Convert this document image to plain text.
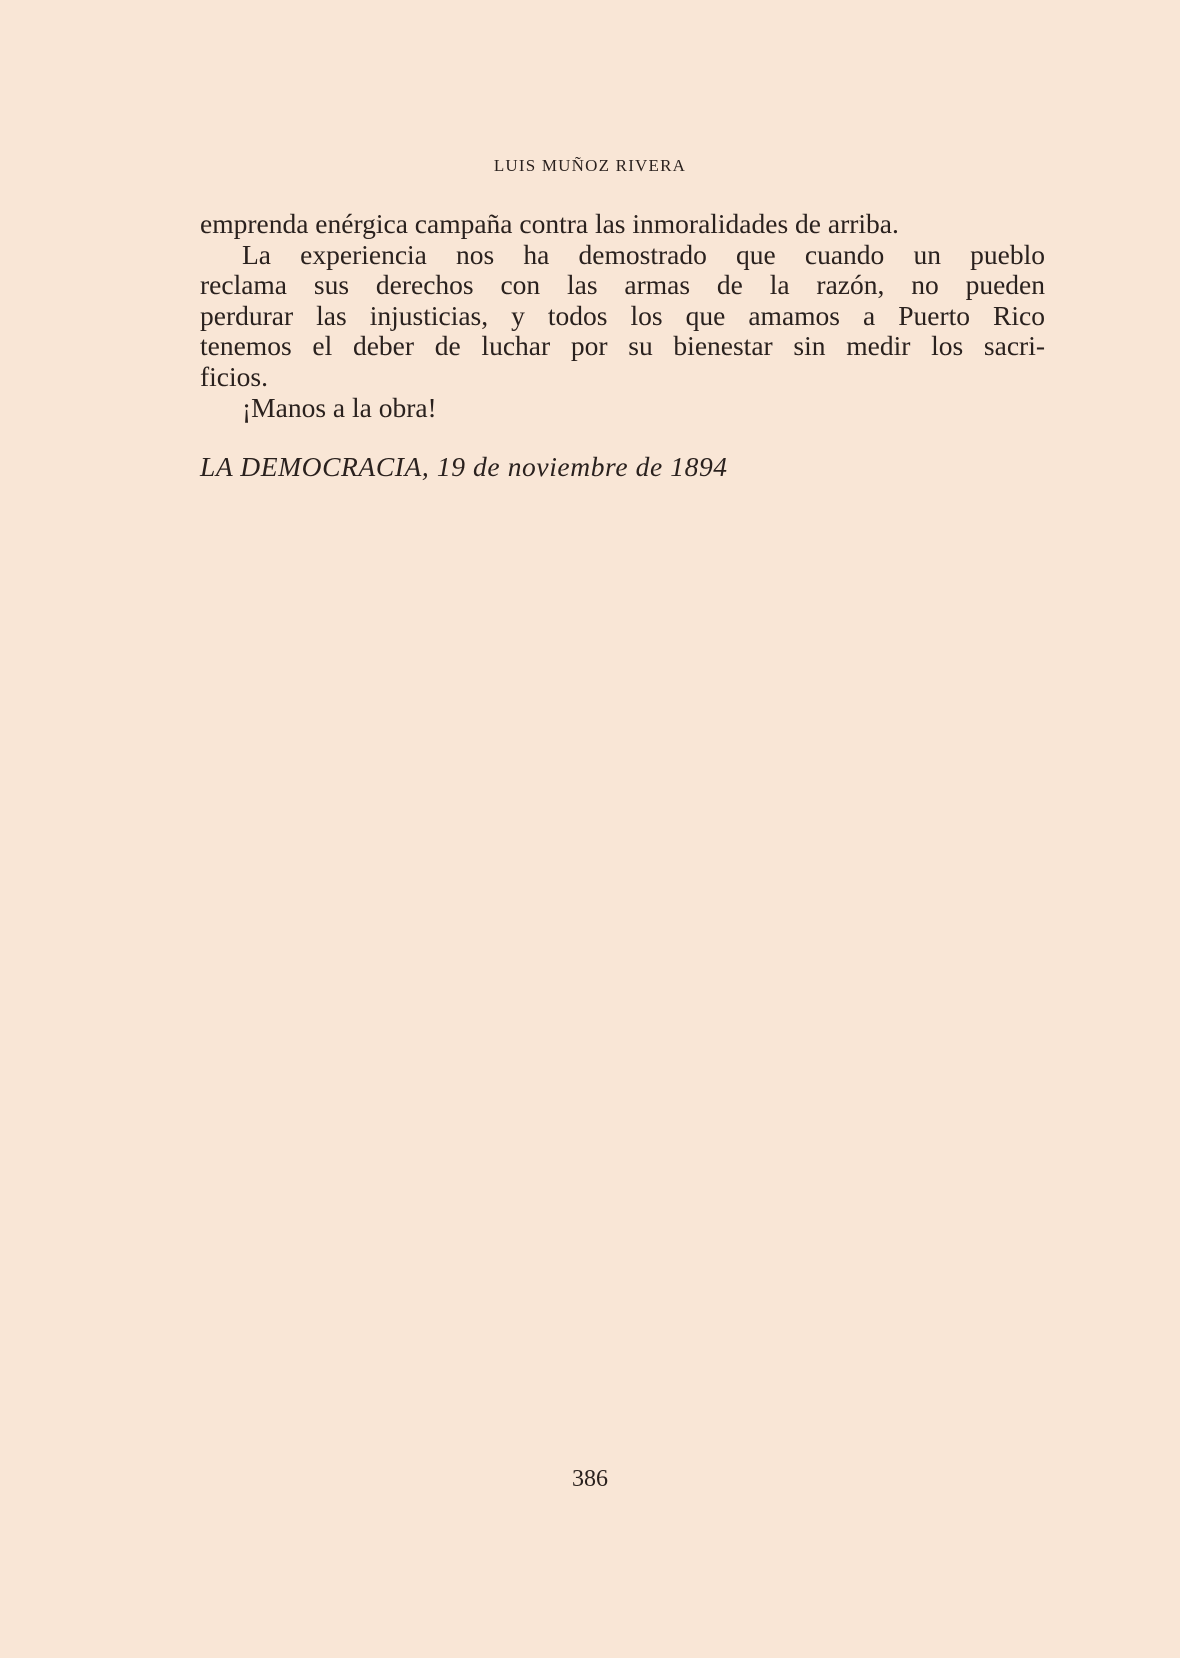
LUIS MUÑOZ RIVERA
emprenda enérgica campaña contra las inmoralidades de arriba.
La experiencia nos ha demostrado que cuando un pueblo
reclama sus derechos con las armas de la razón, no pueden
perdurar las injusticias, y todos los que amamos a Puerto Rico
tenemos el deber de luchar por su bienestar sin medir los sacri-
ficios.
¡Manos a la obra!
LA DEMOCRACIA, 19 de noviembre de 1894
386
